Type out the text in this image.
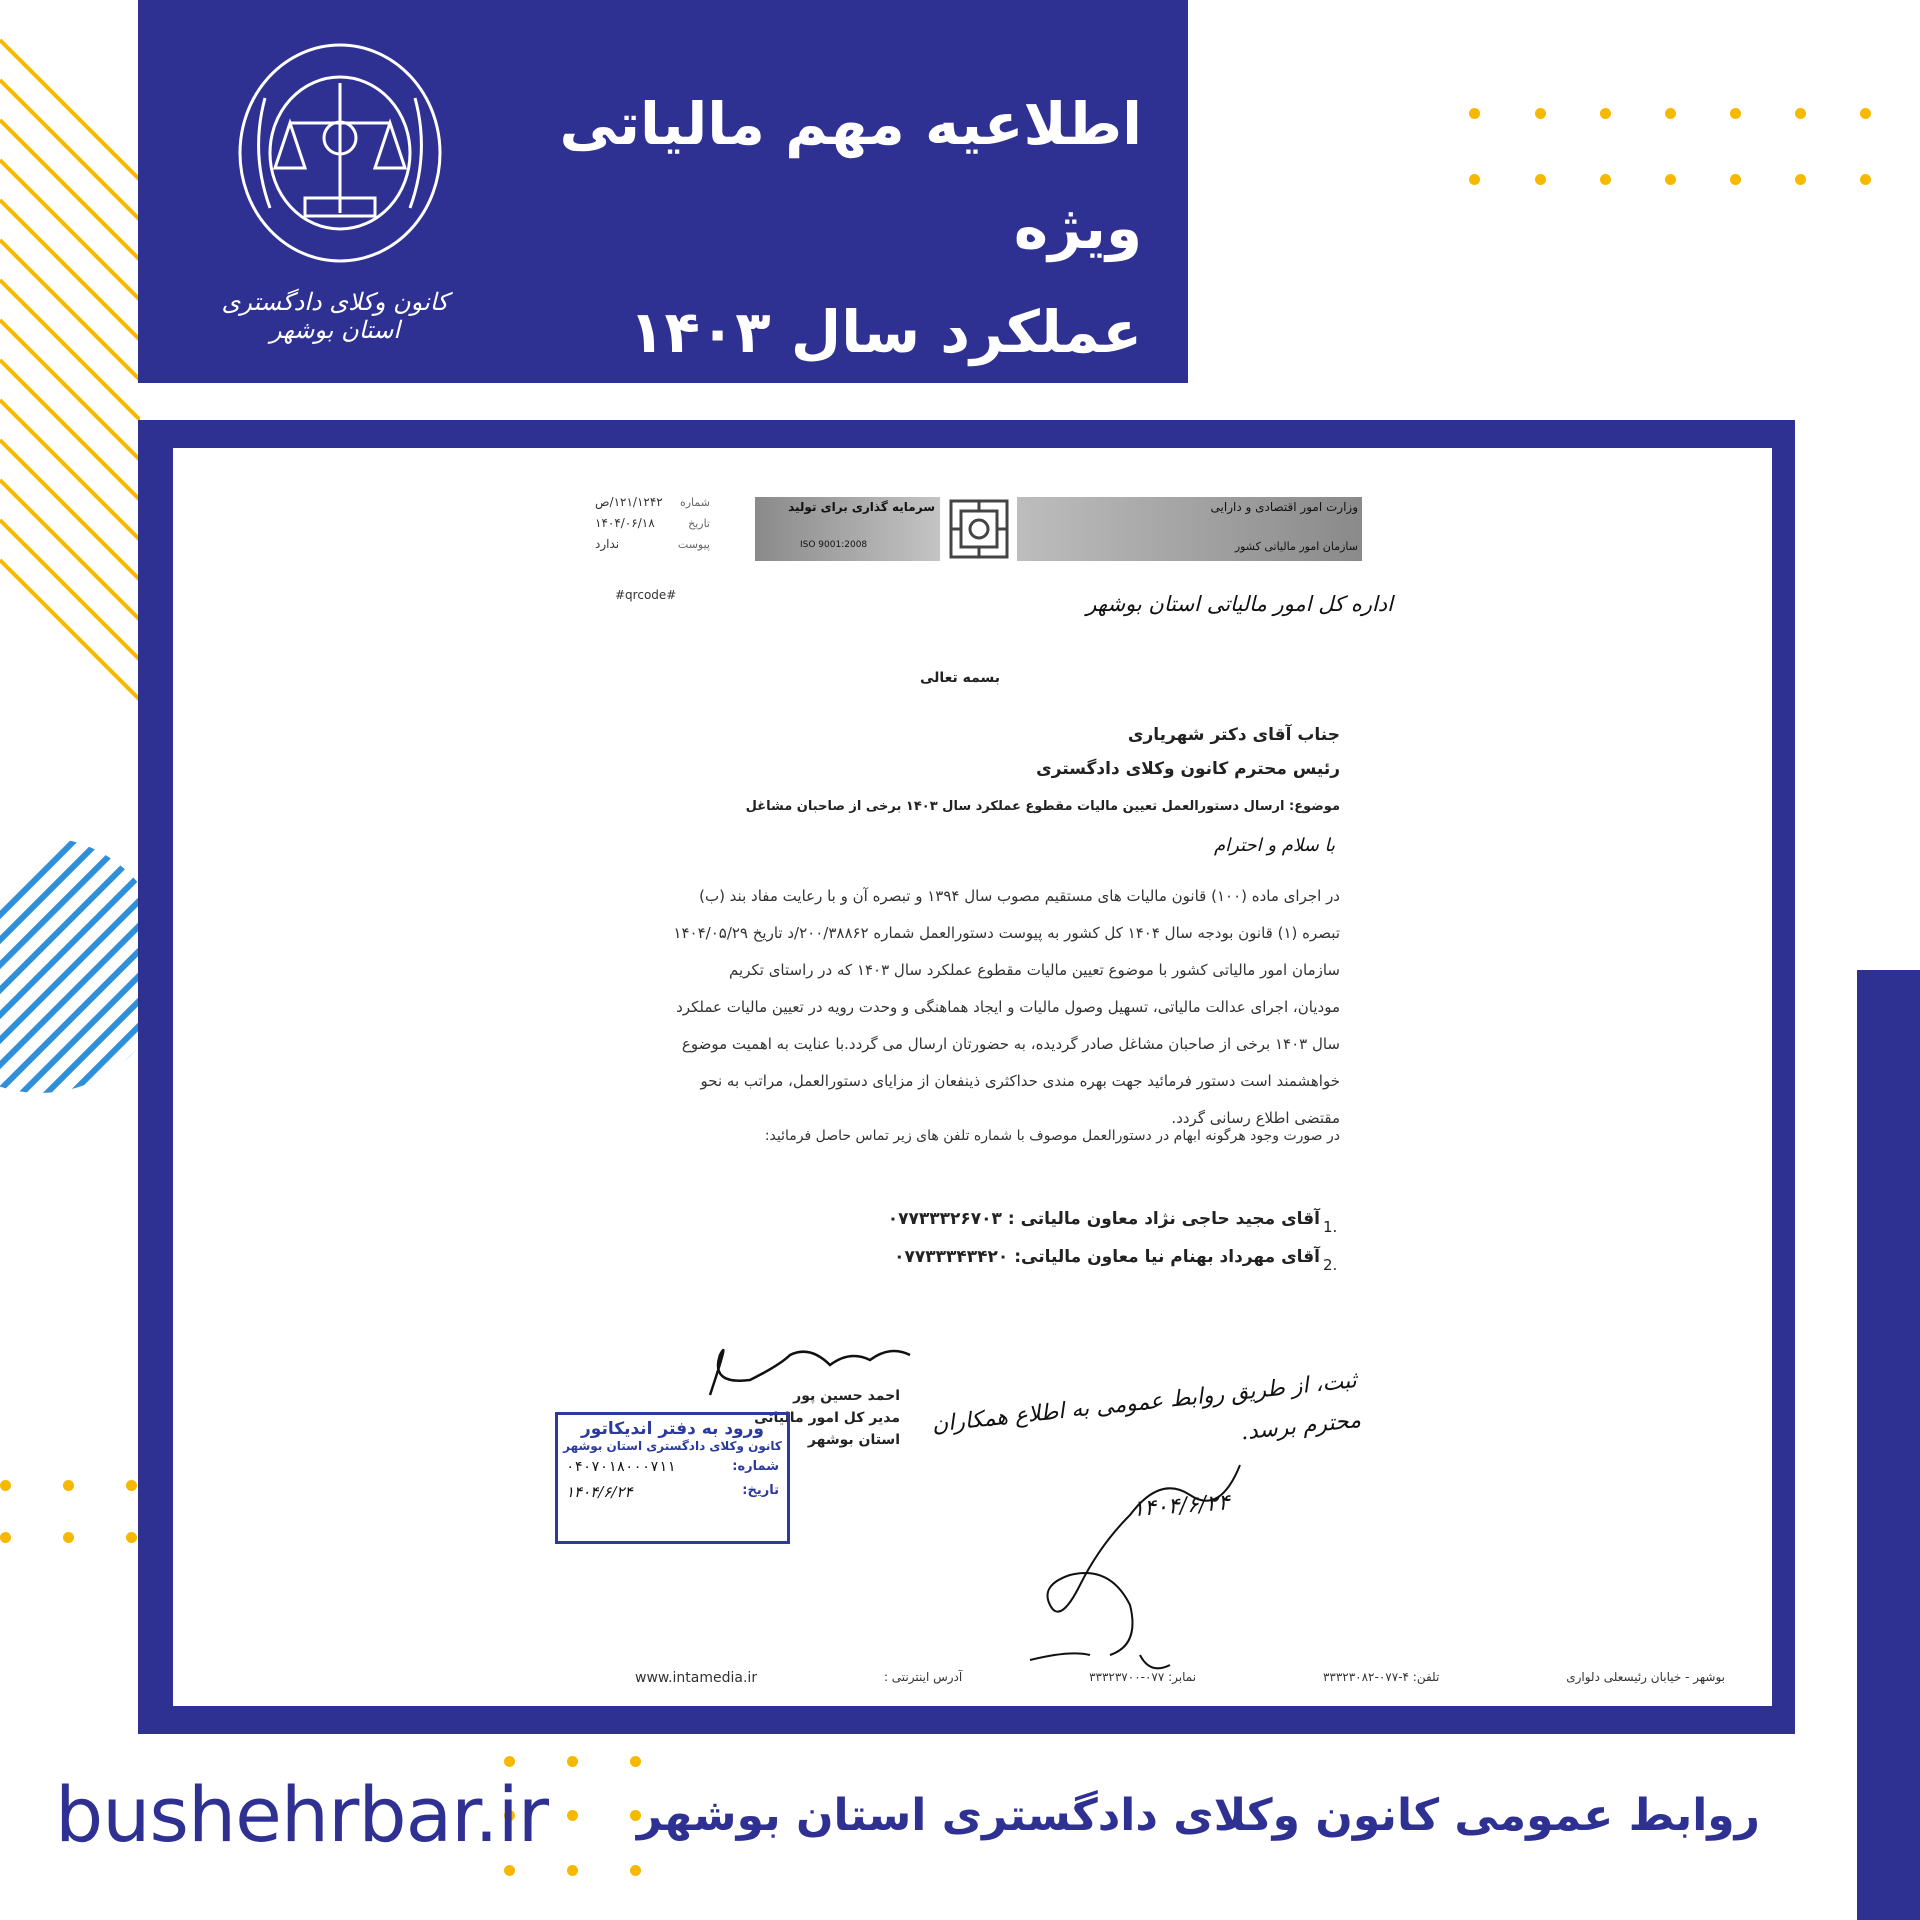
کانون وکلای دادگستری استان بوشهر
اطلاعیه مهم مالیاتی ویژه
عملکرد سال ۱۴۰۳
وزارت امور اقتصادی و دارایی
سازمان امور مالیاتی کشور
سرمایه گذاری برای تولید
ISO 9001:2008
شماره
۱۲۱/۱۲۴۲/ص
تاریخ
۱۴۰۴/۰۶/۱۸
پیوست
ندارد
#qrcode#	اداره کل امور مالیاتی استان بوشهر
بسمه تعالی
جناب آقای دکتر شهریاری
رئیس محترم کانون وکلای دادگستری
موضوع: ارسال دستورالعمل تعیین مالیات مقطوع عملکرد سال ۱۴۰۳ برخی از صاحبان مشاغل
با سلام و احترام
در اجرای ماده (۱۰۰) قانون مالیات های مستقیم مصوب سال ۱۳۹۴ و تبصره آن و با رعایت مفاد بند (ب)
تبصره (۱) قانون بودجه سال ۱۴۰۴ کل کشور به پیوست دستورالعمل شماره ۲۰۰/۳۸۸۶۲/د تاریخ ۱۴۰۴/۰۵/۲۹
سازمان امور مالیاتی کشور با موضوع تعیین مالیات مقطوع عملکرد سال ۱۴۰۳ که در راستای تکریم
مودیان، اجرای عدالت مالیاتی، تسهیل وصول مالیات و ایجاد هماهنگی و وحدت رویه در تعیین مالیات عملکرد
سال ۱۴۰۳ برخی از صاحبان مشاغل صادر گردیده، به حضورتان ارسال می گردد.با عنایت به اهمیت موضوع
خواهشمند است دستور فرمائید جهت بهره مندی حداکثری ذینفعان از مزایای دستورالعمل، مراتب به نحو
مقتضی اطلاع رسانی گردد.
در صورت وجود هرگونه ابهام در دستورالعمل موصوف با شماره تلفن های زیر تماس حاصل فرمائید:
آقای مجید حاجی نژاد معاون مالیاتی : ۰۷۷۳۳۳۲۶۷۰۳
آقای مهرداد بهنام نیا معاون مالیاتی: ۰۷۷۳۳۳۴۳۴۲۰
1.
2.
احمد حسین پور
مدیر کل امور مالیاتی
استان بوشهر
ورود به دفتر اندیکاتور
کانون وکلای دادگستری استان بوشهر
شماره:
۰۴۰۷۰۱۸۰۰۰۷۱۱
تاریخ:
۱۴۰۴/۶/۲۴
ثبت، از طریق روابط عمومی به اطلاع همکاران محترم برسد.
۱۴۰۴/۶/۲۴
بوشهر - خیابان رئیسعلی دلواری
تلفن: ۴-۰۷۷-۳۳۳۲۳۰۸۲
نمابر: ۰۷۷-۳۳۳۲۳۷۰۰
آدرس اینترنتی :
www.intamedia.ir
bushehrbar.ir روابط عمومی کانون وکلای دادگستری استان بوشهر
